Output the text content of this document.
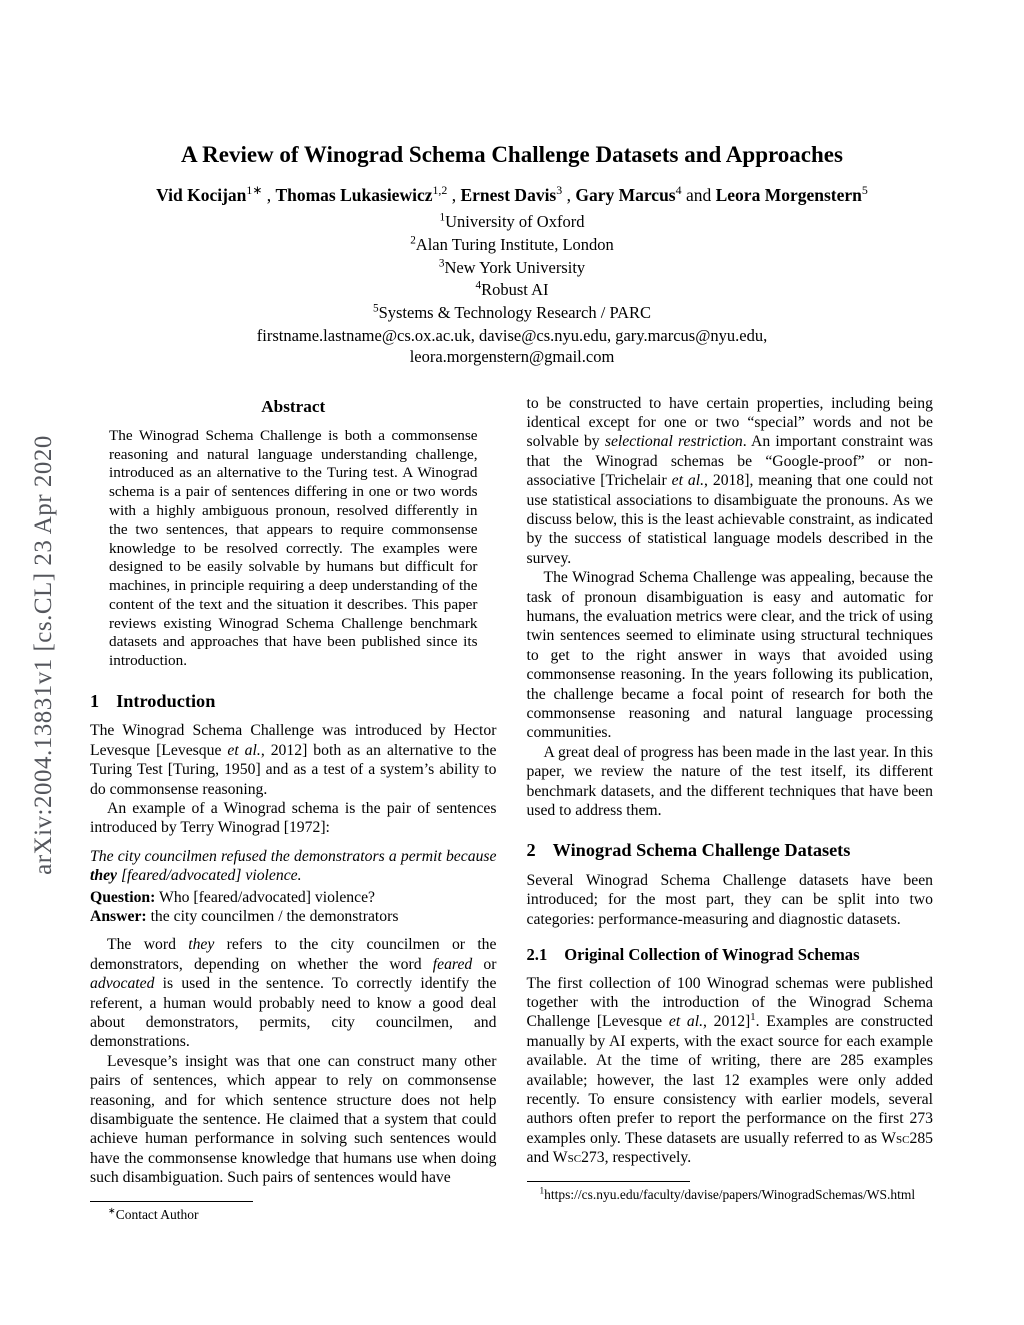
arXiv:2004.13831v1 [cs.CL] 23 Apr 2020
A Review of Winograd Schema Challenge Datasets and Approaches
Vid Kocijan$^{1∗}$ , Thomas Lukasiewicz$^{1,2}$ , Ernest Davis$^3$ , Gary Marcus$^4$ and Leora Morgenstern$^5$
$^1$University of Oxford
$^2$Alan Turing Institute, London
$^3$New York University
$^4$Robust AI
$^5$Systems & Technology Research / PARC
firstname.lastname@cs.ox.ac.uk, davise@cs.nyu.edu, gary.marcus@nyu.edu,
leora.morgenstern@gmail.com
Abstract

The Winograd Schema Challenge is both a commonsense reasoning and natural language understanding challenge, introduced as an alternative to the Turing test. A Winograd schema is a pair of sentences differing in one or two words with a highly ambiguous pronoun, resolved differently in the two sentences, that appears to require commonsense knowledge to be resolved correctly. The examples were designed to be easily solvable by humans but difficult for machines, in principle requiring a deep understanding of the content of the text and the situation it describes. This paper reviews existing Winograd Schema Challenge benchmark datasets and approaches that have been published since its introduction.

1 Introduction

The Winograd Schema Challenge was introduced by Hector Levesque [Levesque et al., 2012] both as an alternative to the Turing Test [Turing, 1950] and as a test of a system’s ability to do commonsense reasoning.

An example of a Winograd schema is the pair of sentences introduced by Terry Winograd [1972]:

The city councilmen refused the demonstrators a permit because they [feared/advocated] violence.

Question: Who [feared/advocated] violence?

Answer: the city councilmen / the demonstrators

The word they refers to the city councilmen or the demonstrators, depending on whether the word feared or advocated is used in the sentence. To correctly identify the referent, a human would probably need to know a good deal about demonstrators, permits, city councilmen, and demonstrations.

Levesque’s insight was that one can construct many other pairs of sentences, which appear to rely on commonsense reasoning, and for which sentence structure does not help disambiguate the sentence. He claimed that a system that could achieve human performance in solving such sentences would have the commonsense knowledge that humans use when doing such disambiguation. Such pairs of sentences would have

∗Contact Author

to be constructed to have certain properties, including being identical except for one or two “special” words and not be solvable by selectional restriction. An important constraint was that the Winograd schemas be “Google-proof” or non-associative [Trichelair et al., 2018], meaning that one could not use statistical associations to disambiguate the pronouns. As we discuss below, this is the least achievable constraint, as indicated by the success of statistical language models described in the survey.

The Winograd Schema Challenge was appealing, because the task of pronoun disambiguation is easy and automatic for humans, the evaluation metrics were clear, and the trick of using twin sentences seemed to eliminate using structural techniques to get to the right answer in ways that avoided using commonsense reasoning. In the years following its publication, the challenge became a focal point of research for both the commonsense reasoning and natural language processing communities.

A great deal of progress has been made in the last year. In this paper, we review the nature of the test itself, its different benchmark datasets, and the different techniques that have been used to address them.

2 Winograd Schema Challenge Datasets

Several Winograd Schema Challenge datasets have been introduced; for the most part, they can be split into two categories: performance-measuring and diagnostic datasets.

2.1 Original Collection of Winograd Schemas

The first collection of 100 Winograd schemas were published together with the introduction of the Winograd Schema Challenge [Levesque et al., 2012]$^1$. Examples are constructed manually by AI experts, with the exact source for each example available. At the time of writing, there are 285 examples available; however, the last 12 examples were only added recently. To ensure consistency with earlier models, several authors often prefer to report the performance on the first 273 examples only. These datasets are usually referred to as Wsc285 and Wsc273, respectively.

$^1$https://cs.nyu.edu/faculty/davise/papers/WinogradSchemas/WS.html
